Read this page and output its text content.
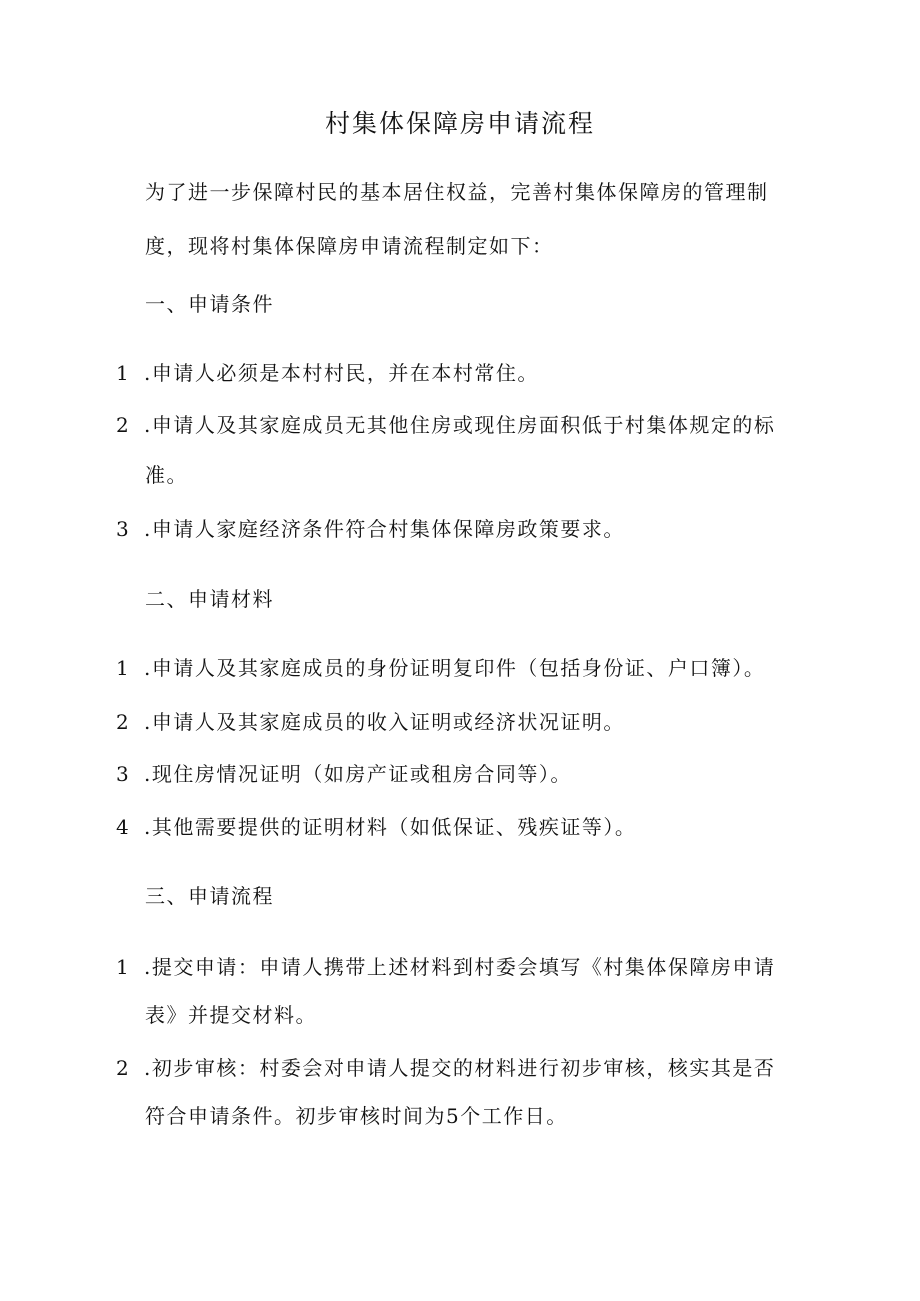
村集体保障房申请流程
为了进一步保障村民的基本居住权益，完善村集体保障房的管理制
度，现将村集体保障房申请流程制定如下：
一、申请条件
1 .申请人必须是本村村民，并在本村常住。
2 .申请人及其家庭成员无其他住房或现住房面积低于村集体规定的标
准。
3 .申请人家庭经济条件符合村集体保障房政策要求。
二、申请材料
1 .申请人及其家庭成员的身份证明复印件（包括身份证、户口簿）。
2 .申请人及其家庭成员的收入证明或经济状况证明。
3 .现住房情况证明（如房产证或租房合同等）。
4 .其他需要提供的证明材料（如低保证、残疾证等）。
三、申请流程
1 .提交申请：申请人携带上述材料到村委会填写《村集体保障房申请
表》并提交材料。
2 .初步审核：村委会对申请人提交的材料进行初步审核，核实其是否
符合申请条件。初步审核时间为5个工作日。
